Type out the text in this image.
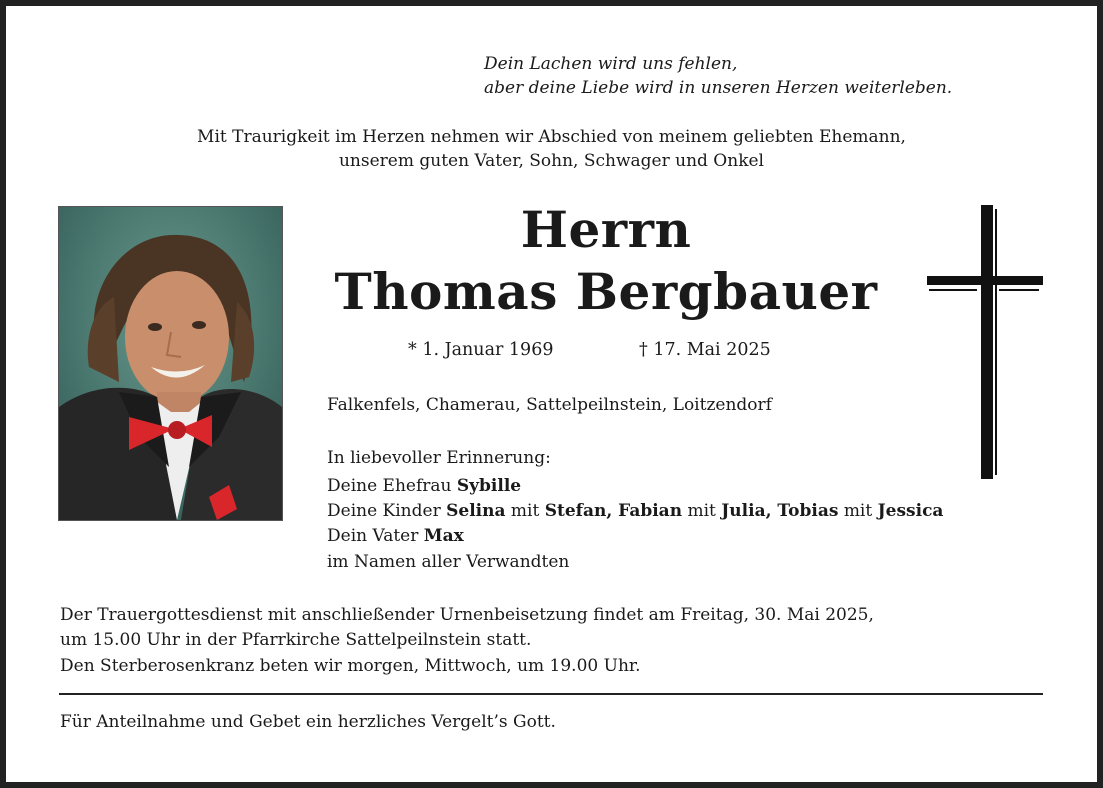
Dein Lachen wird uns fehlen,
aber deine Liebe wird in unseren Herzen weiterleben.
Mit Traurigkeit im Herzen nehmen wir Abschied von meinem geliebten Ehemann,
unserem guten Vater, Sohn, Schwager und Onkel
Herrn
Thomas Bergbauer
* 1. Januar 1969	† 17. Mai 2025
Falkenfels, Chamerau, Sattelpeilnstein, Loitzendorf
In liebevoller Erinnerung:
Deine Ehefrau Sybille
Deine Kinder Selina mit Stefan, Fabian mit Julia, Tobias mit Jessica
Dein Vater Max
im Namen aller Verwandten
Der Trauergottesdienst mit anschließender Urnenbeisetzung findet am Freitag, 30. Mai 2025,
um 15.00 Uhr in der Pfarrkirche Sattelpeilnstein statt.
Den Sterberosenkranz beten wir morgen, Mittwoch, um 19.00 Uhr.
Für Anteilnahme und Gebet ein herzliches Vergelt’s Gott.
